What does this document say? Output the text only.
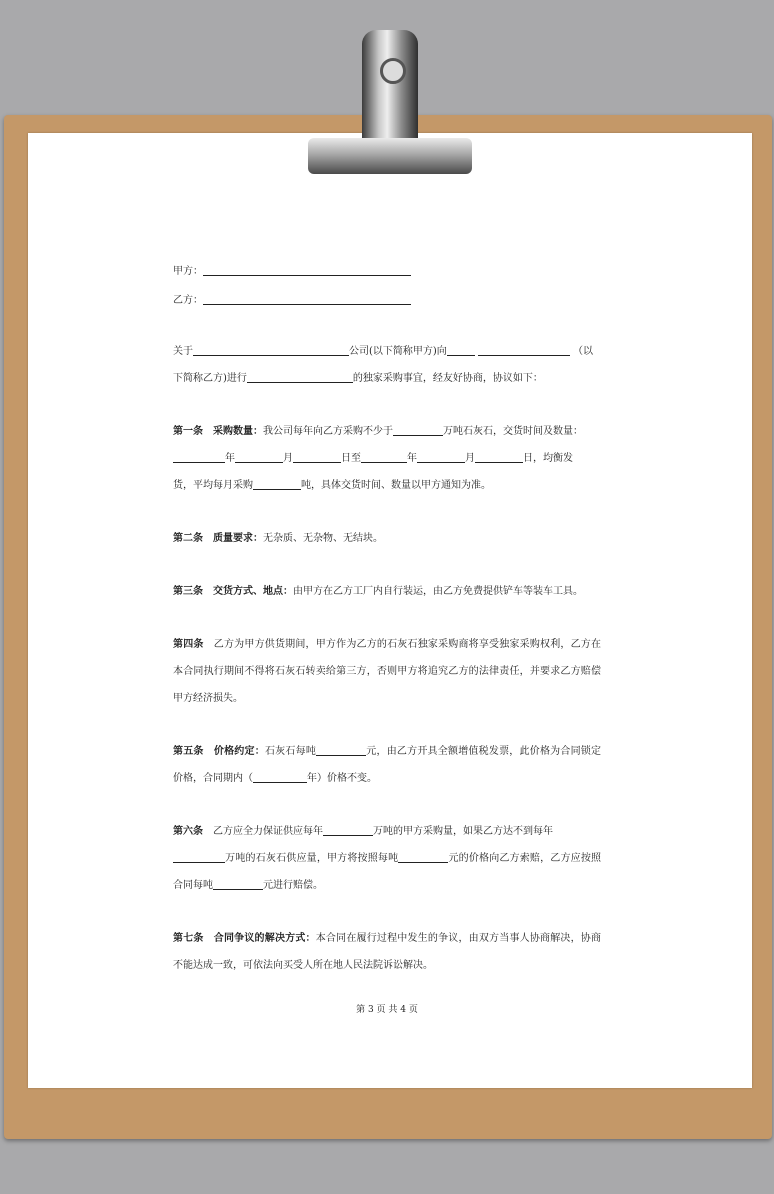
甲方：

乙方：

关于	公司(以下简称甲方)向	（以
下简称乙方)进行	的独家采购事宜，经友好协商，协议如下：

第一条　采购数量：我公司每年向乙方采购不少于	万吨石灰石，交货时间及数量：
年	月	日至	年	月	日，均衡发
货，平均每月采购	吨，具体交货时间、数量以甲方通知为准。

第二条　质量要求：无杂质、无杂物、无结块。

第三条　交货方式、地点：由甲方在乙方工厂内自行装运，由乙方免费提供铲车等装车工具。

第四条　乙方为甲方供货期间，甲方作为乙方的石灰石独家采购商将享受独家采购权利，乙方在本合同执行期间不得将石灰石转卖给第三方，否则甲方将追究乙方的法律责任，并要求乙方赔偿甲方经济损失。

第五条　价格约定：石灰石每吨	元，由乙方开具全额增值税发票，此价格为合同锁定价格，合同期内（	年）价格不变。

第六条　乙方应全力保证供应每年	万吨的甲方采购量，如果乙方达不到每年
万吨的石灰石供应量，甲方将按照每吨	元的价格向乙方索赔，乙方应按照合同每吨	元进行赔偿。

第七条　合同争议的解决方式：本合同在履行过程中发生的争议，由双方当事人协商解决，协商不能达成一致，可依法向买受人所在地人民法院诉讼解决。

第 3 页 共 4 页
